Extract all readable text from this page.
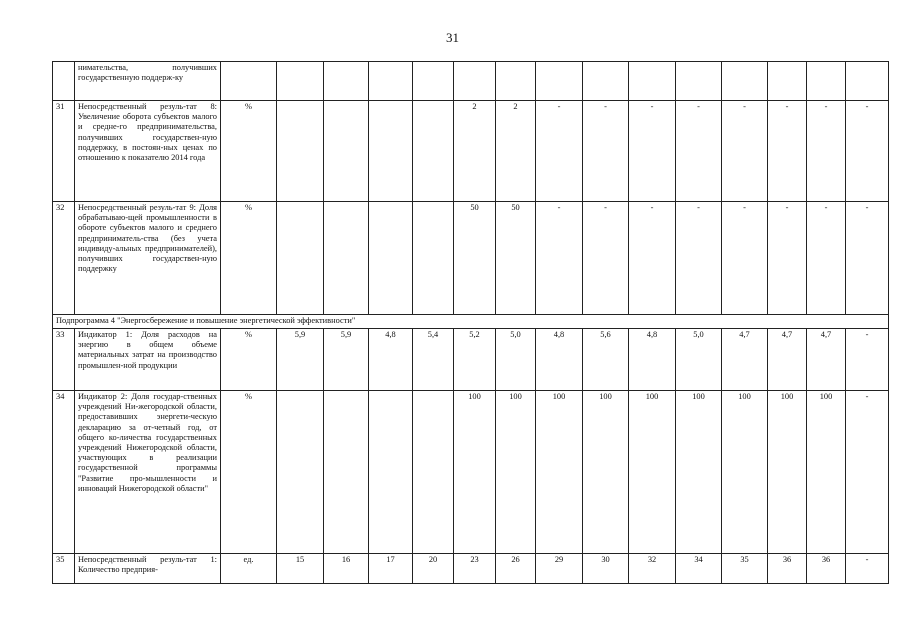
31
	нимательства, получивших государственную поддерж-ку															
31	Непосредственный резуль-тат 8: Увеличение оборота субъектов малого и средне-го предпринимательства, получивших государствен-ную поддержку, в постоян-ных ценах по отношению к показателю 2014 года	%					2	2	-	-	-	-	-	-	-	-
32	Непосредственный резуль-тат 9: Доля обрабатываю-щей промышленности в обороте субъектов малого и среднего предприниматель-ства (без учета индивиду-альных предпринимателей), получивших государствен-ную поддержку	%					50	50	-	-	-	-	-	-	-	-
Подпрограмма 4 "Энергосбережение и повышение энергетической эффективности"																
33	Индикатор 1: Доля расходов на энергию в общем объеме материальных затрат на производство промышлен-ной продукции	%	5,9	5,9	4,8	5,4	5,2	5,0	4,8	5,6	4,8	5,0	4,7	4,7	4,7	-
34	Индикатор 2: Доля государ-ственных учреждений Ни-жегородской области, предоставивших энергети-ческую декларацию за от-четный год, от общего ко-личества государственных учреждений Нижегородской области, участвующих в реализации государственной программы "Развитие про-мышленности и инноваций Нижегородской области"	%					100	100	100	100	100	100	100	100	100	-
35	Непосредственный резуль-тат 1: Количество предприя-	ед.	15	16	17	20	23	26	29	30	32	34	35	36	36	-
